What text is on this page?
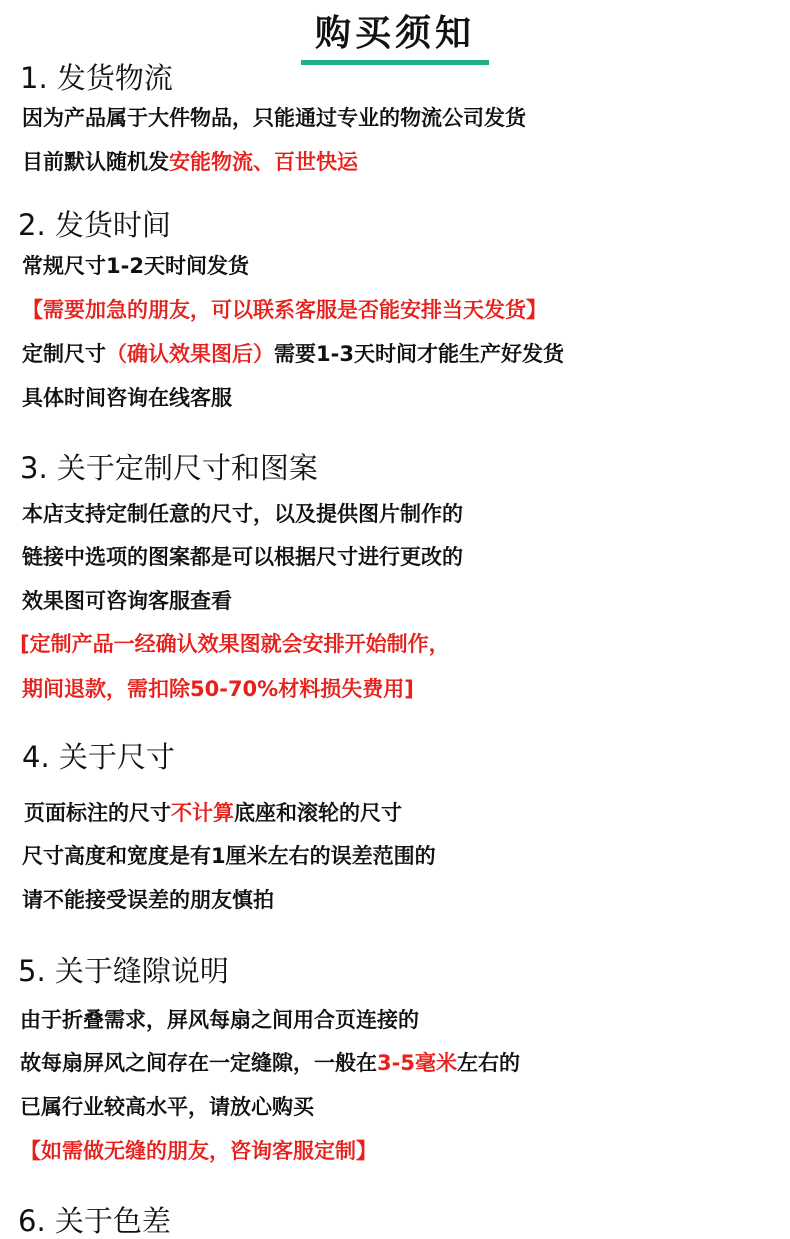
购买须知
1. 发货物流
因为产品属于大件物品，只能通过专业的物流公司发货
目前默认随机发安能物流、百世快运
2. 发货时间
常规尺寸1-2天时间发货
【需要加急的朋友，可以联系客服是否能安排当天发货】
定制尺寸（确认效果图后）需要1-3天时间才能生产好发货
具体时间咨询在线客服
3. 关于定制尺寸和图案
本店支持定制任意的尺寸，以及提供图片制作的
链接中选项的图案都是可以根据尺寸进行更改的
效果图可咨询客服查看
[定制产品一经确认效果图就会安排开始制作，
期间退款，需扣除50-70%材料损失费用]
4. 关于尺寸
页面标注的尺寸不计算底座和滚轮的尺寸
尺寸高度和宽度是有1厘米左右的误差范围的
请不能接受误差的朋友慎拍
5. 关于缝隙说明
由于折叠需求，屏风每扇之间用合页连接的
故每扇屏风之间存在一定缝隙，一般在3-5毫米左右的
已属行业较高水平，请放心购买
【如需做无缝的朋友，咨询客服定制】
6. 关于色差
